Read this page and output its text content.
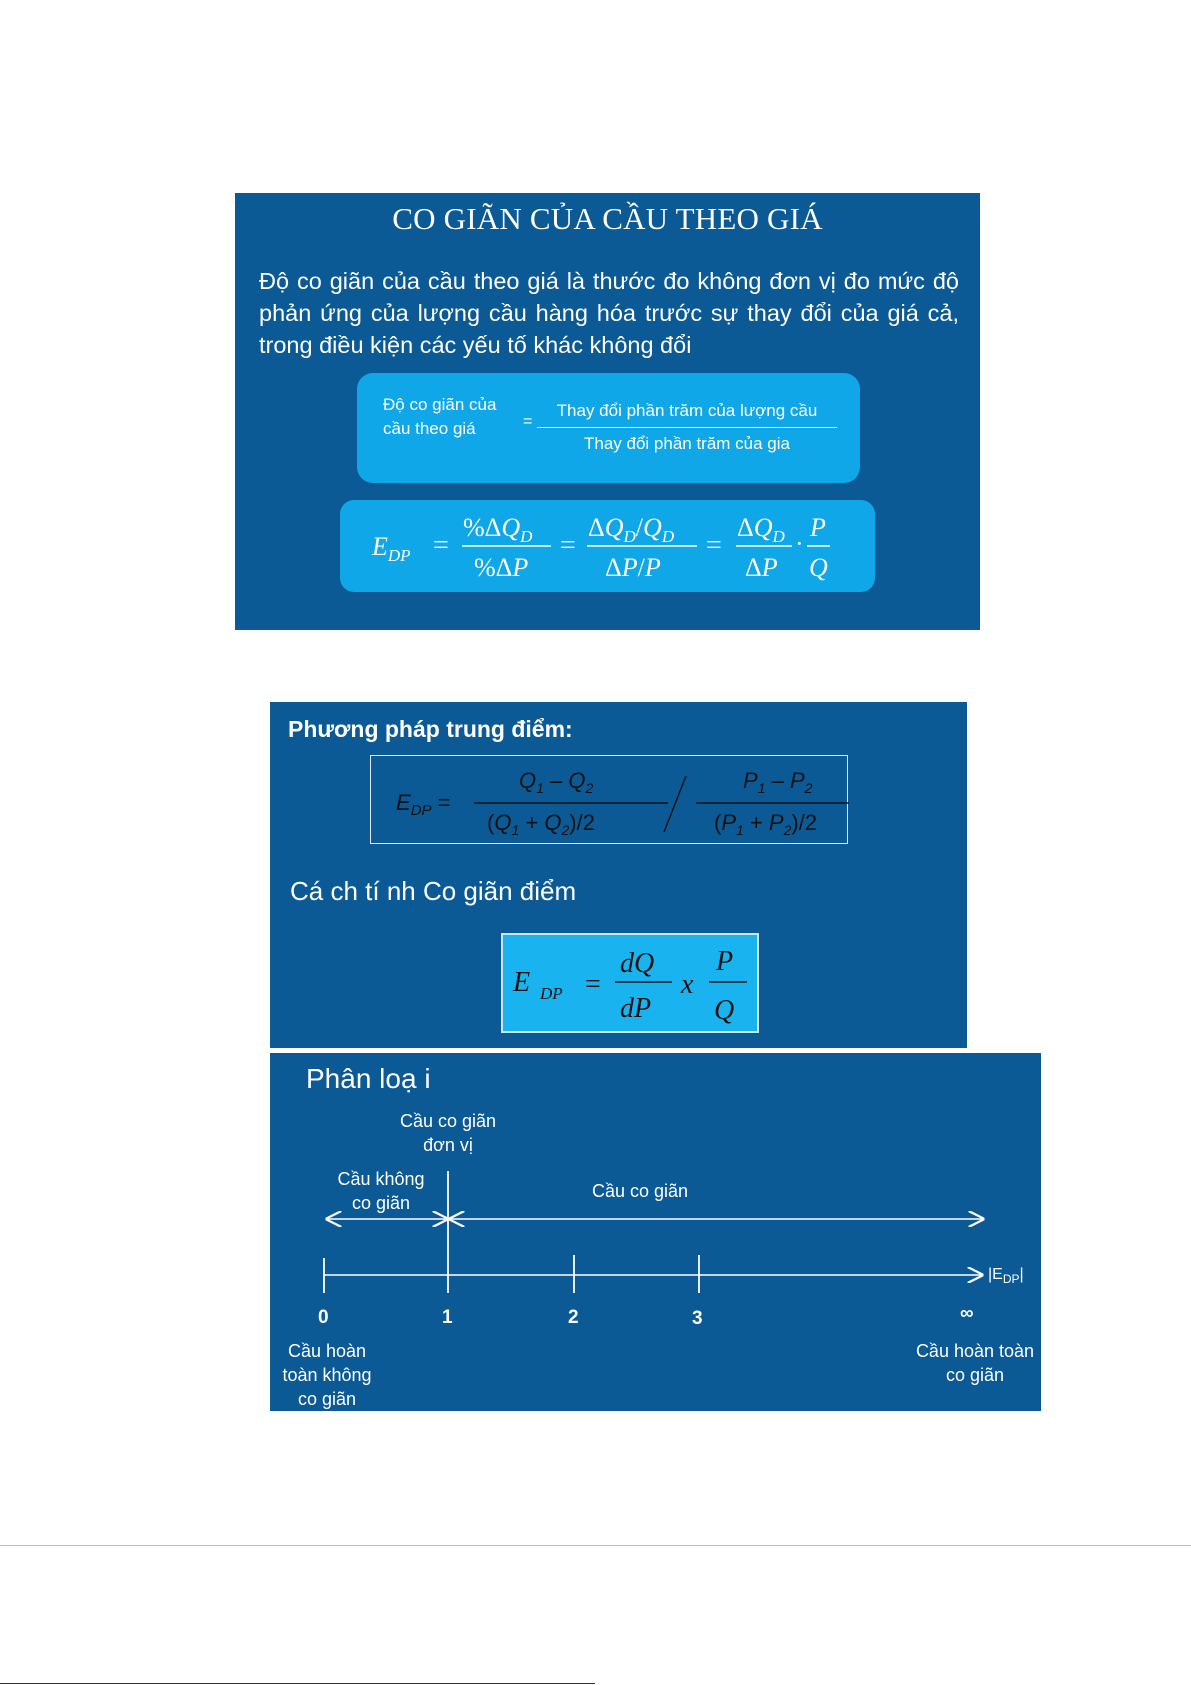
CO GIÃN CỦA CẦU THEO GIÁ
Độ co giãn của cầu theo giá là thước đo không đơn vị đo mức độ phản ứng của lượng cầu hàng hóa trước sự thay đổi của giá cả, trong điều kiện các yếu tố khác không đổi
Độ co giãn của cầu theo giá	=
Thay đổi phần trăm của lượng cầu
Thay đổi phần trăm của gia
$E_{DP}$ =
$\%\Delta Q_D$
%ΔP
=
$\Delta Q_D/Q_D$
ΔP/P
=
$\Delta Q_D$
ΔP
·
P
Q
Phương pháp trung điểm:
$E_{DP}$ =
$Q_1 - Q_2$
$(Q_1 + Q_2)/2$
$P_1 - P_2$
$(P_1 + P_2)/2$
Cá ch tí nh Co giãn điểm
E DP =
dQ
dP
x
P
Q
Phân loạ i
Cầu co giãn đơn vị
Cầu không co giãn
Cầu co giãn
$|E_{DP}|$
0	1	2	3	∞
Cầu hoàn toàn không co giãn
Cầu hoàn toàn co giãn
